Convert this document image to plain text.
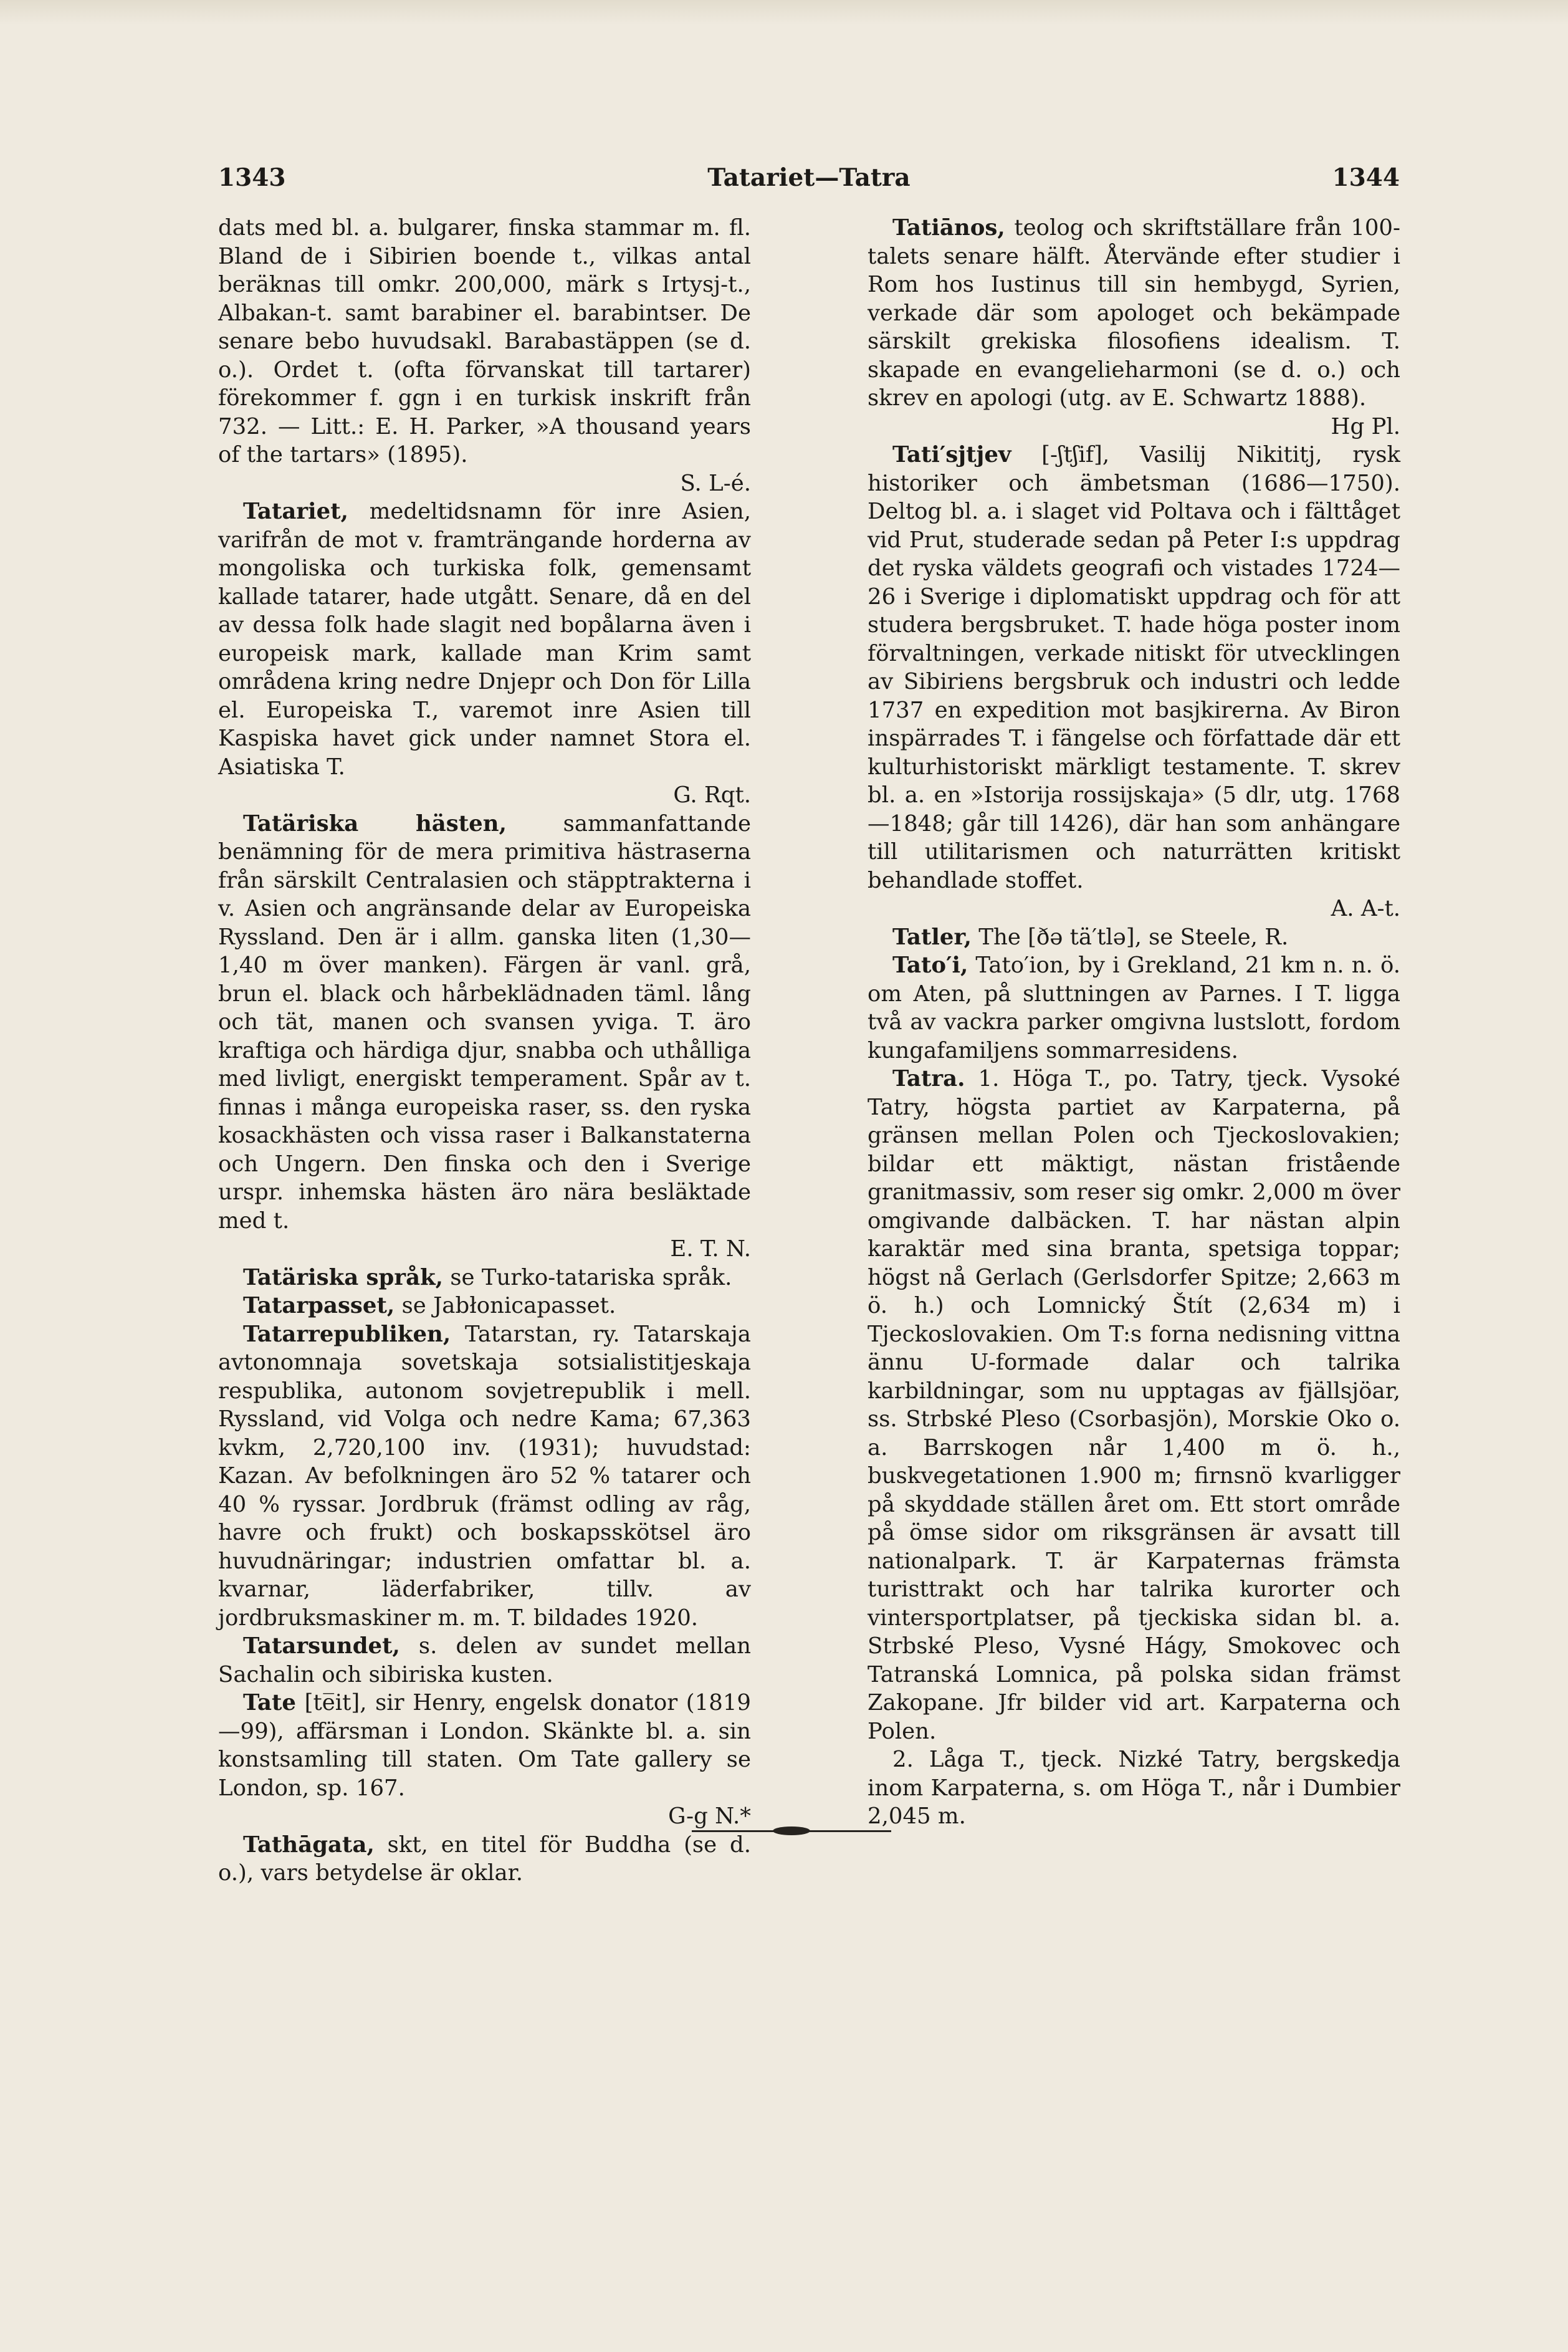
1343	Tatariet—Tatra	1344

dats med bl. a. bulgarer, finska stammar m. fl. Bland de i Sibirien boende t., vilkas antal beräknas till omkr. 200,000, märk s Irtysj-t., Albakan-t. samt barabiner el. barabintser. De senare bebo huvudsakl. Barabastäppen (se d. o.). Ordet t. (ofta förvanskat till tartarer) förekommer f. ggn i en turkisk inskrift från 732. — Litt.: E. H. Parker, »A thousand years of the tartars» (1895).
S. L-é.

Tatariet, medeltidsnamn för inre Asien, varifrån de mot v. framträngande horderna av mongoliska och turkiska folk, gemensamt kallade tatarer, hade utgått. Senare, då en del av dessa folk hade slagit ned bopålarna även i europeisk mark, kallade man Krim samt områdena kring nedre Dnjepr och Don för Lilla el. Europeiska T., varemot inre Asien till Kaspiska havet gick under namnet Stora el. Asiatiska T.
G. Rqt.

Tatäriska hästen,	sammanfattande benämning för de mera primitiva hästraserna från särskilt Centralasien och stäpptrakterna i v. Asien och angränsande delar av Europeiska Ryssland. Den är i allm. ganska liten (1,30—1,40 m över manken). Färgen är vanl. grå, brun el. black och hårbeklädnaden täml. lång och tät, manen och svansen yviga. T. äro kraftiga och härdiga djur, snabba och uthålliga med livligt, energiskt temperament. Spår av t. finnas i många europeiska raser, ss. den ryska kosackhästen och vissa raser i Balkanstaterna och Ungern. Den finska och den i Sverige urspr. inhemska hästen äro nära besläktade med t.
E. T. N.

Tatäriska språk, se Turko-tatariska språk.

Tatarpasset, se Jabłonicapasset.

Tatarrepubliken, Tatarstan, ry. Tatarskaja avtonomnaja sovetskaja sotsialistitjeskaja respublika, autonom sovjetrepublik i mell. Ryssland, vid Volga och nedre Kama; 67,363 kvkm, 2,720,100 inv. (1931); huvudstad: Kazan. Av befolkningen äro 52 % tatarer och 40 % ryssar. Jordbruk (främst odling av råg, havre och frukt) och boskapsskötsel äro huvudnäringar; industrien omfattar bl. a. kvarnar, läderfabriker, tillv. av jordbruksmaskiner m. m. T. bildades 1920.

Tatarsundet, s. delen av sundet mellan Sachalin och sibiriska kusten.

Tate [te̅it], sir Henry, engelsk donator (1819—99), affärsman i London. Skänkte bl. a. sin konstsamling till staten. Om Tate gallery se London, sp. 167.
G-g N.*

Tathāgata, skt, en titel för Buddha (se d. o.), vars betydelse är oklar.

Tatiānos, teolog och skriftställare från 100-talets senare hälft. Återvände efter studier i Rom hos Iustinus till sin hembygd, Syrien, verkade där som apologet och bekämpade särskilt grekiska filosofiens idealism. T. skapade en evangelieharmoni (se d. o.) och skrev en apologi (utg. av E. Schwartz 1888).
Hg Pl.

Tati′sjtjev [-ʃtʃif], Vasilij Nikititj, rysk historiker och ämbetsman (1686—1750). Deltog bl. a. i slaget vid Poltava och i fälttåget vid Prut, studerade sedan på Peter I:s uppdrag det ryska väldets geografi och vistades 1724—26 i Sverige i diplomatiskt uppdrag och för att studera bergsbruket. T. hade höga poster inom förvaltningen, verkade nitiskt för utvecklingen av Sibiriens bergsbruk och industri och ledde 1737 en expedition mot basjkirerna. Av Biron inspärrades T. i fängelse och författade där ett kulturhistoriskt märkligt testamente. T. skrev bl. a. en »Istorija rossijskaja» (5 dlr, utg. 1768—1848; går till 1426), där han som anhängare till utilitarismen och naturrätten kritiskt behandlade stoffet.
A. A-t.

Tatler, The [ðə tä′tlə], se Steele, R.

Tato′i, Tato′ion, by i Grekland, 21 km n. n. ö. om Aten, på sluttningen av Parnes. I T. ligga två av vackra parker omgivna lustslott, fordom kungafamiljens sommarresidens.

Tatra. 1. Höga T., po. Tatry, tjeck. Vysoké Tatry, högsta partiet av Karpaterna, på gränsen mellan Polen och Tjeckoslovakien; bildar ett mäktigt, nästan fristående granitmassiv, som reser sig omkr. 2,000 m över omgivande dalbäcken. T. har nästan alpin karaktär med sina branta, spetsiga toppar; högst nå Gerlach (Gerlsdorfer Spitze; 2,663 m ö. h.) och Lomnický Štít (2,634 m) i Tjeckoslovakien. Om T:s forna nedisning vittna ännu U-formade dalar och talrika karbildningar, som nu upptagas av fjällsjöar, ss. Strbské Pleso (Csorbasjön), Morskie Oko o. a. Barrskogen når 1,400 m ö. h., buskvegetationen 1.900 m; firnsnö kvarligger på skyddade ställen året om. Ett stort område på ömse sidor om riksgränsen är avsatt till nationalpark. T. är Karpaternas främsta turisttrakt och har talrika kurorter och vintersportplatser, på tjeckiska sidan bl. a. Strbské Pleso, Vysné Hágy, Smokovec och Tatranská Lomnica, på polska sidan främst Zakopane. Jfr bilder vid art. Karpaterna och Polen.

2. Låga T., tjeck. Nizké Tatry, bergskedja inom Karpaterna, s. om Höga T., når i Dumbier 2,045 m.
